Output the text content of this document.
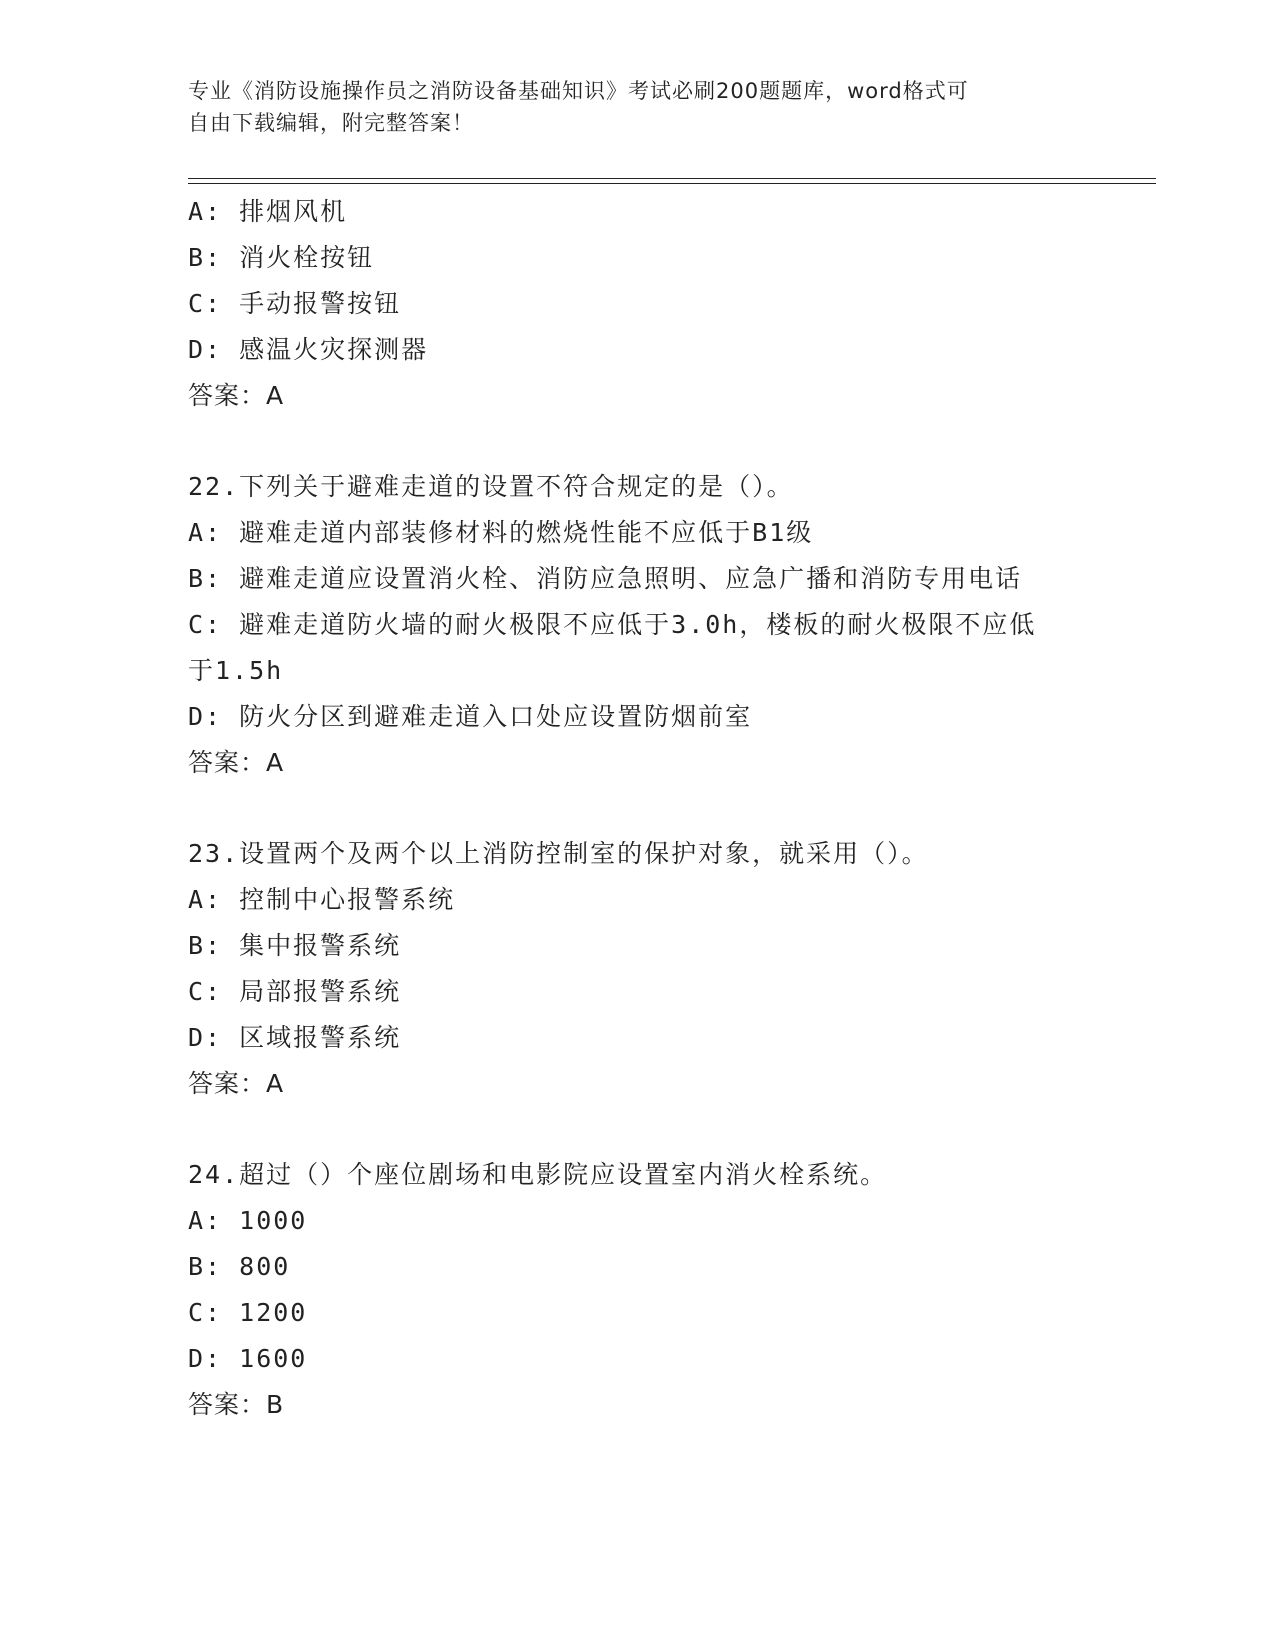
专业《消防设施操作员之消防设备基础知识》考试必刷200题题库，word格式可
自由下载编辑，附完整答案！
A: 排烟风机
B: 消火栓按钮
C: 手动报警按钮
D: 感温火灾探测器
答案：A
22.下列关于避难走道的设置不符合规定的是（）。
A: 避难走道内部装修材料的燃烧性能不应低于B1级
B: 避难走道应设置消火栓、消防应急照明、应急广播和消防专用电话
C: 避难走道防火墙的耐火极限不应低于3.0h，楼板的耐火极限不应低
于1.5h
D: 防火分区到避难走道入口处应设置防烟前室
答案：A
23.设置两个及两个以上消防控制室的保护对象，就采用（）。
A: 控制中心报警系统
B: 集中报警系统
C: 局部报警系统
D: 区域报警系统
答案：A
24.超过（）个座位剧场和电影院应设置室内消火栓系统。
A: 1000
B: 800
C: 1200
D: 1600
答案：B
